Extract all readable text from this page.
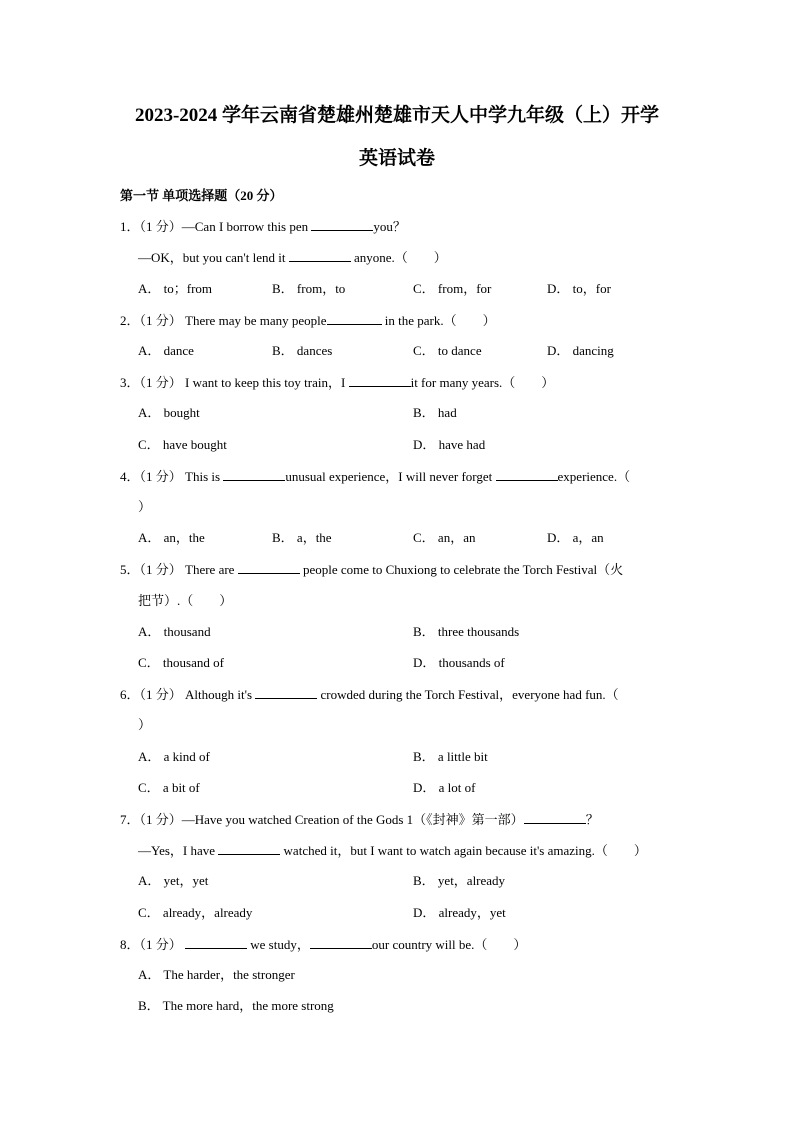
2023-2024 学年云南省楚雄州楚雄市天人中学九年级（上）开学
英语试卷
第一节 单项选择题（20 分）
1．（1 分）—Can I borrow this pen	you？
—OK，but you can't lend it	anyone.（　　）
A． to；from	B． from，to	C． from，for	D． to，for
2．（1 分） There may be many people	in the park.（　　）
A． dance	B． dances	C． to dance	D． dancing
3．（1 分） I want to keep this toy train，I	it for many years.（　　）
A． bought	B． had
C． have bought	D． have had
4．（1 分） This is	unusual experience，I will never forget	experience.（
）
A． an，the	B． a，the	C． an，an	D． a，an
5．（1 分） There are	people come to Chuxiong to celebrate the Torch Festival（火
把节）.（　　）
A． thousand	B． three thousands
C． thousand of	D． thousands of
6．（1 分） Although it's	crowded during the Torch Festival，everyone had fun.（
）
A． a kind of	B． a little bit
C． a bit of	D． a lot of
7．（1 分）—Have you watched Creation of the Gods 1（《封神》第一部）	？
—Yes，I have	watched it，but I want to watch again because it's amazing.（　　）
A． yet，yet	B． yet，already
C． already，already	D． already，yet
8．（1 分）	we study，	our country will be.（　　）
A． The harder，the stronger
B． The more hard，the more strong
